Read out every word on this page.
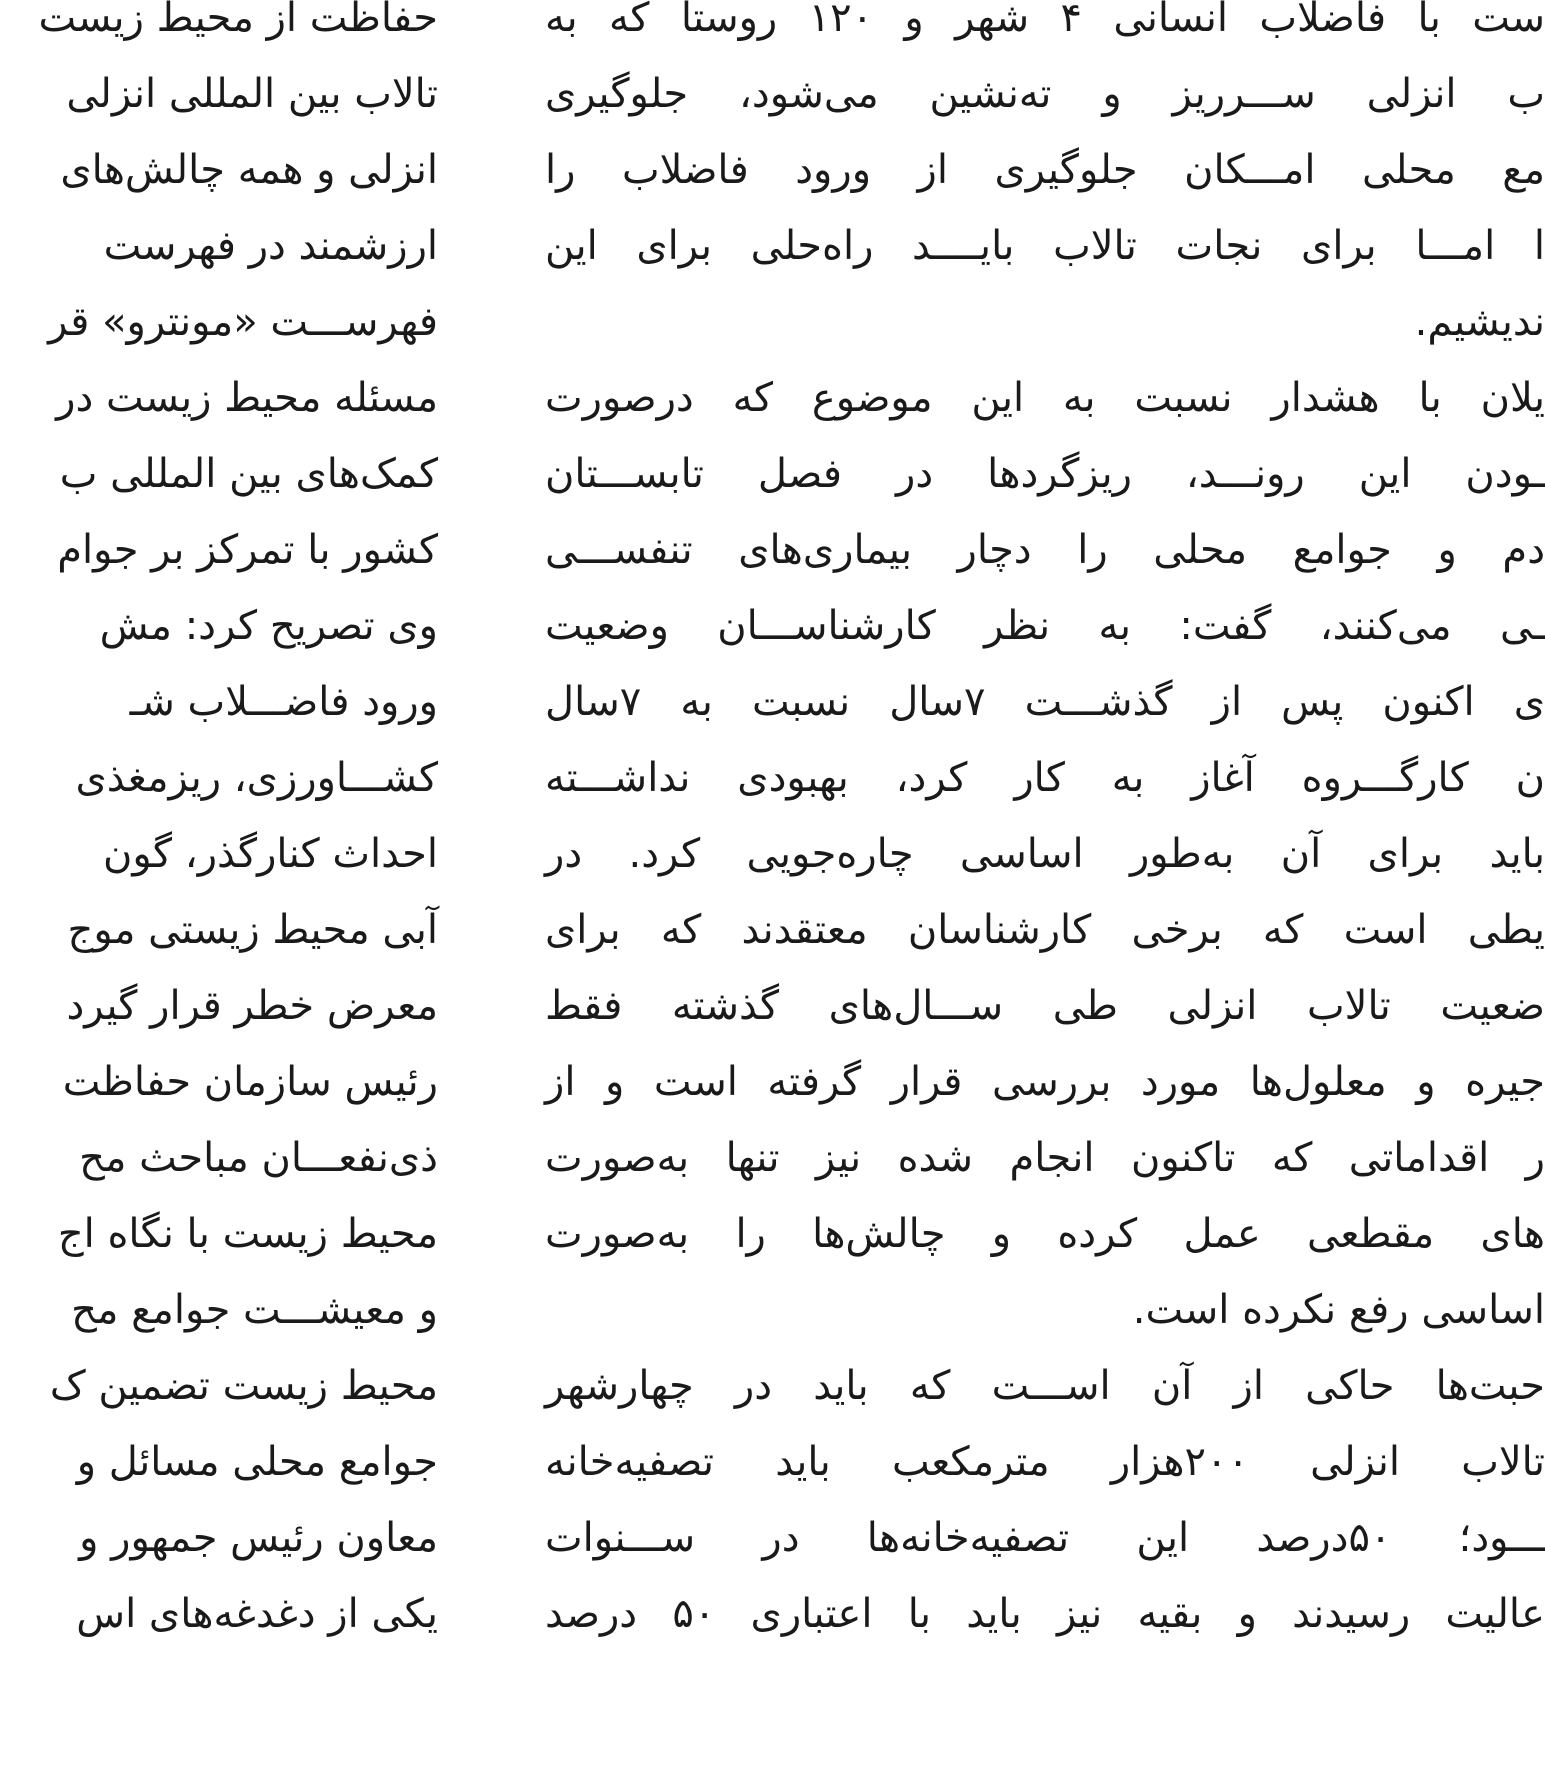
حفاظت از محیط زیست
تالاب بین المللی انزلی
انزلی و همه چالش‌های
ارزشمند در فهرست
فهرســـت «مونترو» قر
مسئله محیط زیست در
کمک‌های بین المللی ب
کشور با تمرکز بر جوام
وی تصریح کرد: مش
ورود فاضـــلاب شـ
کشـــاورزی، ریزمغذی
احداث کنارگذر، گون
آبی محیط زیستی موج
معرض خطر قرار گیرد
رئیس سازمان حفاظت
ذی‌نفعـــان مباحث مح
محیط زیست با نگاه اج
و معیشـــت جوامع مح
محیط زیست تضمین ک
جوامع محلی مسائل و
معاون رئیس جمهور و
یکی از دغدغه‌های اس
ست با فاضلاب انسانی ۴ شهر و ۱۲۰ روستا که به
ب انزلی ســـرریز و ته‌نشین می‌شود، جلوگیری
مع محلی امـــکان جلوگیری از ورود فاضلاب را
ا امـــا برای نجات تالاب بایــــد راه‌حلی برای این
ندیشیم.
یلان با هشدار نسبت به این موضوع که درصورت
ـودن این رونـــد، ریزگردها در فصل تابســـتان
دم و جوامع محلی را دچار بیماری‌های تنفســـی
ـی می‌کنند، گفت: به نظر کارشناســـان وضعیت
ی اکنون پس از گذشـــت ۷سال نسبت به ۷سال
ن کارگـــروه آغاز به کار کرد، بهبودی نداشـــته
باید برای آن به‌طور اساسی چاره‌جویی کرد. در
یطی است که برخی کارشناسان معتقدند که برای
ضعیت تالاب انزلی طی ســـال‌های گذشته فقط
جیره و معلول‌ها مورد بررسی قرار گرفته است و از
ر اقداماتی که تاکنون انجام شده نیز تنها به‌صورت
های مقطعی عمل کرده و چالش‌ها را به‌صورت
اساسی رفع نکرده است.
حبت‌ها حاکی از آن اســـت که باید در چهارشهر
تالاب انزلی ۲۰۰هزار مترمکعب باید تصفیه‌خانه
ـــود؛ ۵۰درصد این تصفیه‌خانه‌ها در ســـنوات
عالیت رسیدند و بقیه نیز باید با اعتباری ۵۰ درصد
